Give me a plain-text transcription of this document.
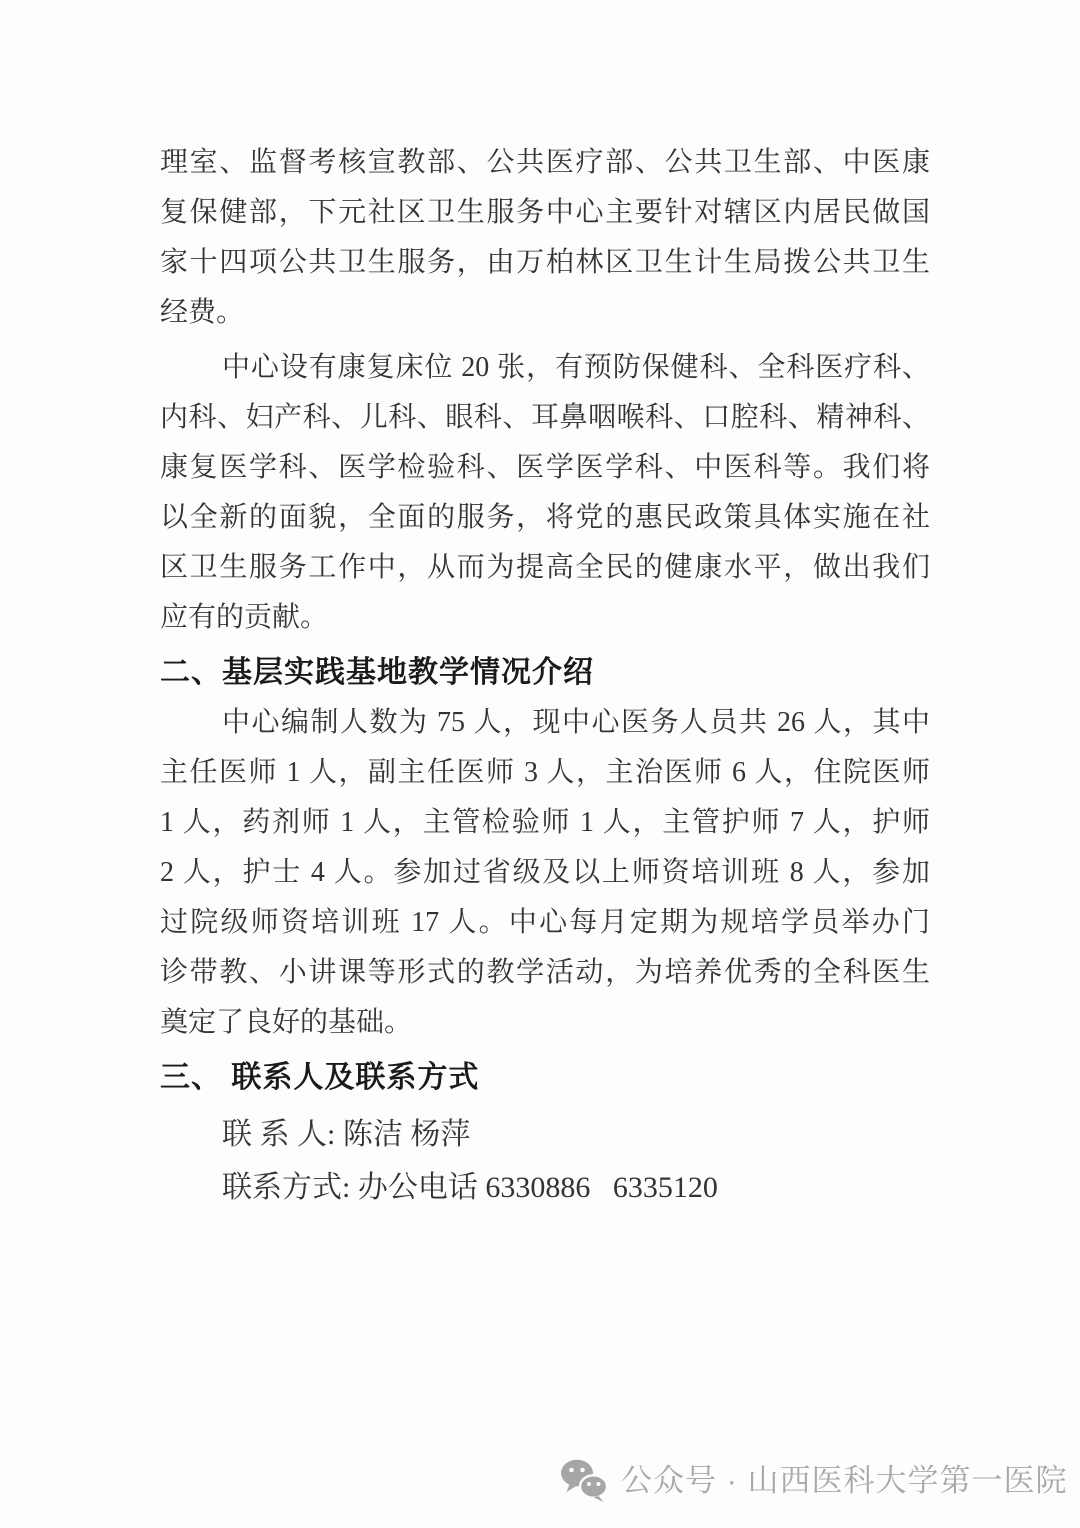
理室、监督考核宣教部、公共医疗部、公共卫生部、中医康
复保健部，下元社区卫生服务中心主要针对辖区内居民做国
家十四项公共卫生服务，由万柏林区卫生计生局拨公共卫生
经费。
中心设有康复床位 20 张，有预防保健科、全科医疗科、
内科、妇产科、儿科、眼科、耳鼻咽喉科、口腔科、精神科、
康复医学科、医学检验科、医学医学科、中医科等。我们将
以全新的面貌，全面的服务，将党的惠民政策具体实施在社
区卫生服务工作中，从而为提高全民的健康水平，做出我们
应有的贡献。
二、基层实践基地教学情况介绍
中心编制人数为 75 人，现中心医务人员共 26 人，其中
主任医师 1 人，副主任医师 3 人，主治医师 6 人，住院医师
1 人，药剂师 1 人，主管检验师 1 人，主管护师 7 人，护师
2 人，护士 4 人。参加过省级及以上师资培训班 8 人，参加
过院级师资培训班 17 人。中心每月定期为规培学员举办门
诊带教、小讲课等形式的教学活动，为培养优秀的全科医生
奠定了良好的基础。
三、 联系人及联系方式
联 系 人: 陈洁 杨萍
联系方式: 办公电话 6330886   6335120
公众号 · 山西医科大学第一医院
